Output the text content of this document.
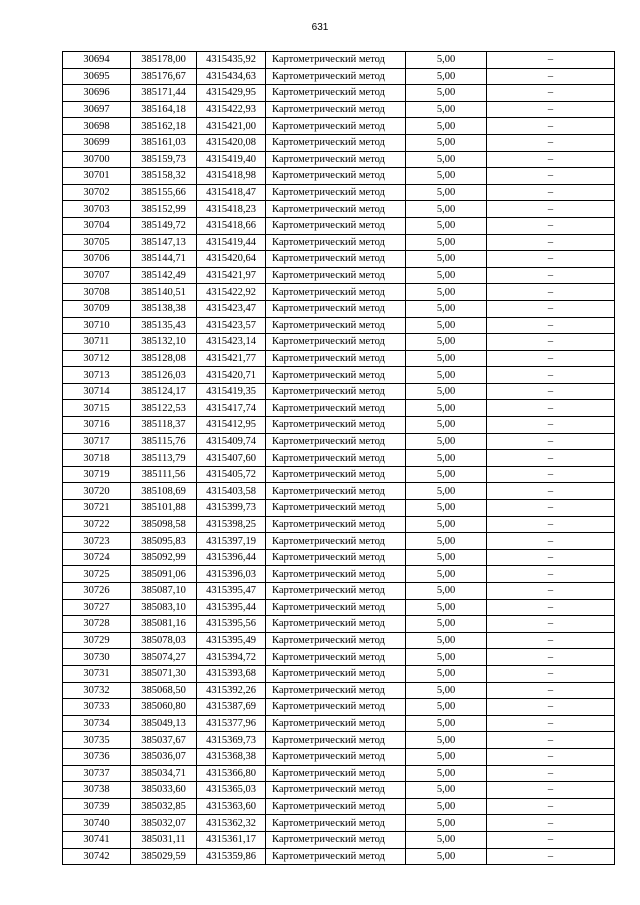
631
30694	385178,00	4315435,92	Картометрический метод	5,00	–
30695	385176,67	4315434,63	Картометрический метод	5,00	–
30696	385171,44	4315429,95	Картометрический метод	5,00	–
30697	385164,18	4315422,93	Картометрический метод	5,00	–
30698	385162,18	4315421,00	Картометрический метод	5,00	–
30699	385161,03	4315420,08	Картометрический метод	5,00	–
30700	385159,73	4315419,40	Картометрический метод	5,00	–
30701	385158,32	4315418,98	Картометрический метод	5,00	–
30702	385155,66	4315418,47	Картометрический метод	5,00	–
30703	385152,99	4315418,23	Картометрический метод	5,00	–
30704	385149,72	4315418,66	Картометрический метод	5,00	–
30705	385147,13	4315419,44	Картометрический метод	5,00	–
30706	385144,71	4315420,64	Картометрический метод	5,00	–
30707	385142,49	4315421,97	Картометрический метод	5,00	–
30708	385140,51	4315422,92	Картометрический метод	5,00	–
30709	385138,38	4315423,47	Картометрический метод	5,00	–
30710	385135,43	4315423,57	Картометрический метод	5,00	–
30711	385132,10	4315423,14	Картометрический метод	5,00	–
30712	385128,08	4315421,77	Картометрический метод	5,00	–
30713	385126,03	4315420,71	Картометрический метод	5,00	–
30714	385124,17	4315419,35	Картометрический метод	5,00	–
30715	385122,53	4315417,74	Картометрический метод	5,00	–
30716	385118,37	4315412,95	Картометрический метод	5,00	–
30717	385115,76	4315409,74	Картометрический метод	5,00	–
30718	385113,79	4315407,60	Картометрический метод	5,00	–
30719	385111,56	4315405,72	Картометрический метод	5,00	–
30720	385108,69	4315403,58	Картометрический метод	5,00	–
30721	385101,88	4315399,73	Картометрический метод	5,00	–
30722	385098,58	4315398,25	Картометрический метод	5,00	–
30723	385095,83	4315397,19	Картометрический метод	5,00	–
30724	385092,99	4315396,44	Картометрический метод	5,00	–
30725	385091,06	4315396,03	Картометрический метод	5,00	–
30726	385087,10	4315395,47	Картометрический метод	5,00	–
30727	385083,10	4315395,44	Картометрический метод	5,00	–
30728	385081,16	4315395,56	Картометрический метод	5,00	–
30729	385078,03	4315395,49	Картометрический метод	5,00	–
30730	385074,27	4315394,72	Картометрический метод	5,00	–
30731	385071,30	4315393,68	Картометрический метод	5,00	–
30732	385068,50	4315392,26	Картометрический метод	5,00	–
30733	385060,80	4315387,69	Картометрический метод	5,00	–
30734	385049,13	4315377,96	Картометрический метод	5,00	–
30735	385037,67	4315369,73	Картометрический метод	5,00	–
30736	385036,07	4315368,38	Картометрический метод	5,00	–
30737	385034,71	4315366,80	Картометрический метод	5,00	–
30738	385033,60	4315365,03	Картометрический метод	5,00	–
30739	385032,85	4315363,60	Картометрический метод	5,00	–
30740	385032,07	4315362,32	Картометрический метод	5,00	–
30741	385031,11	4315361,17	Картометрический метод	5,00	–
30742	385029,59	4315359,86	Картометрический метод	5,00	–
